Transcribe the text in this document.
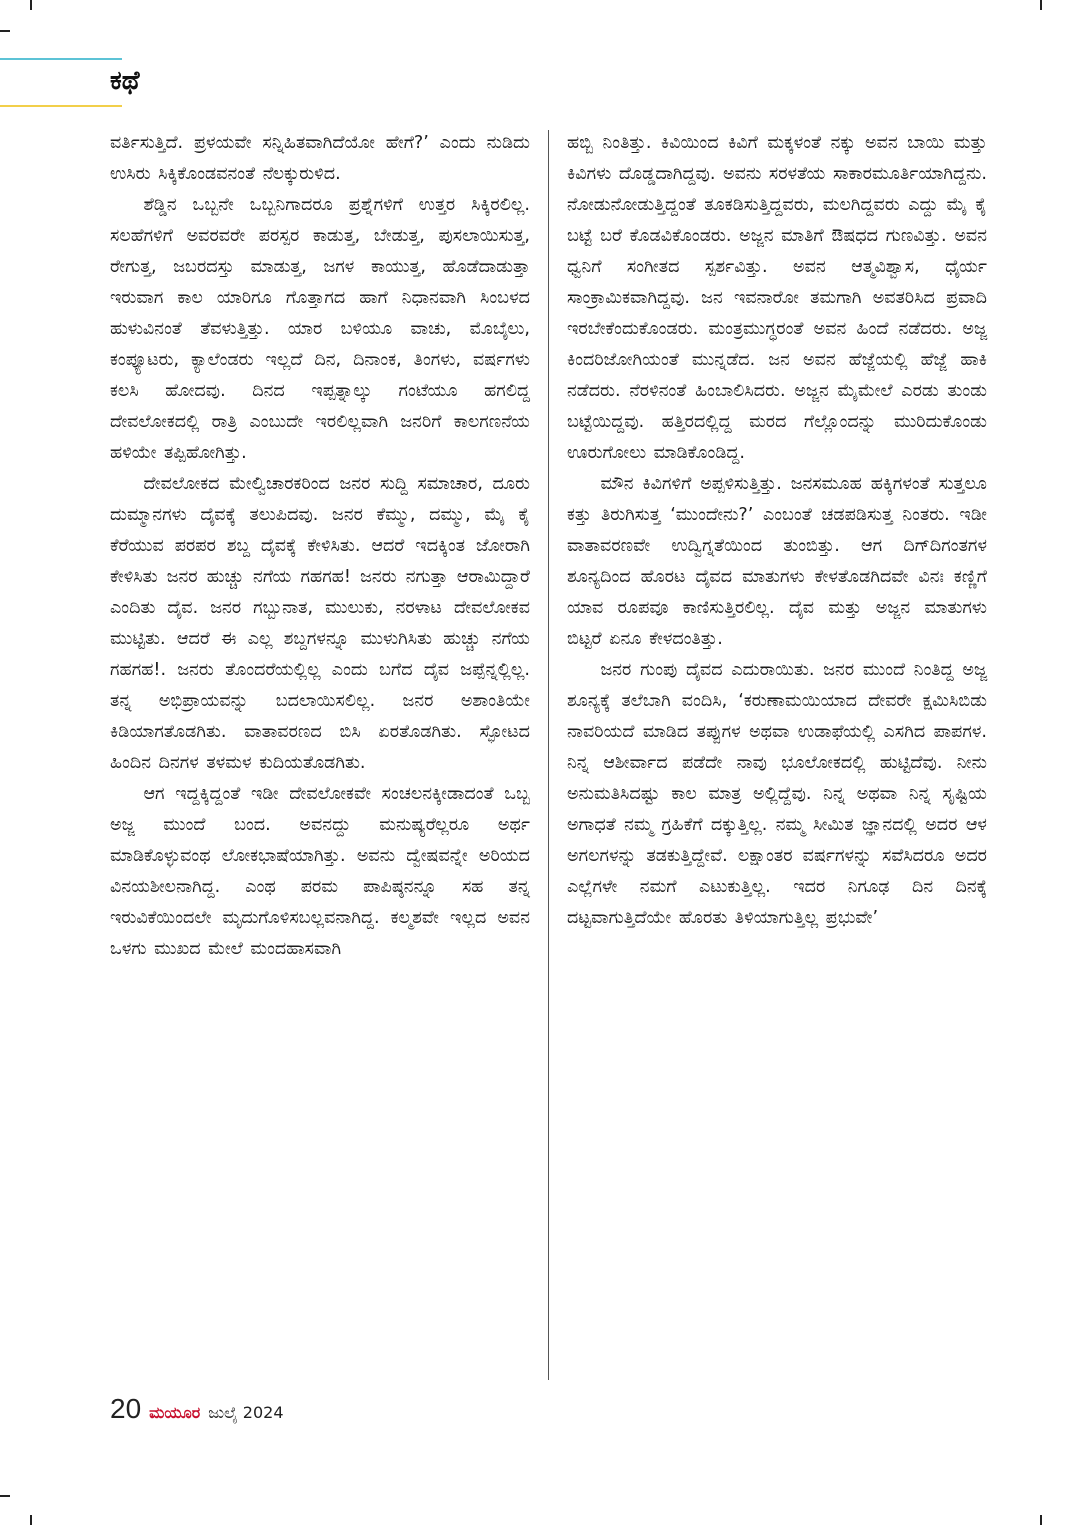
ಕಥೆ

ವರ್ತಿಸುತ್ತಿದೆ. ಪ್ರಳಯವೇ ಸನ್ನಿಹಿತವಾಗಿದೆಯೋ ಹೇಗೆ?’ ಎಂದು ನುಡಿದು ಉಸಿರು ಸಿಕ್ಕಿಕೊಂಡವನಂತೆ ನೆಲಕ್ಕುರುಳಿದ.

ಶೆಡ್ಡಿನ ಒಬ್ಬನೇ ಒಬ್ಬನಿಗಾದರೂ ಪ್ರಶ್ನೆಗಳಿಗೆ ಉತ್ತರ ಸಿಕ್ಕಿರಲಿಲ್ಲ. ಸಲಹೆಗಳಿಗೆ ಅವರವರೇ ಪರಸ್ಪರ ಕಾಡುತ್ತ, ಬೇಡುತ್ತ, ಪುಸಲಾಯಿಸುತ್ತ, ರೇಗುತ್ತ, ಜಬರದಸ್ತು ಮಾಡುತ್ತ, ಜಗಳ ಕಾಯುತ್ತ, ಹೊಡೆದಾಡುತ್ತಾ ಇರುವಾಗ ಕಾಲ ಯಾರಿಗೂ ಗೊತ್ತಾಗದ ಹಾಗೆ ನಿಧಾನವಾಗಿ ಸಿಂಬಳದ ಹುಳುವಿನಂತೆ ತೆವಳುತ್ತಿತ್ತು. ಯಾರ ಬಳಿಯೂ ವಾಚು, ಮೊಬೈಲು, ಕಂಪ್ಯೂಟರು, ಕ್ಯಾಲೆಂಡರು ಇಲ್ಲದೆ ದಿನ, ದಿನಾಂಕ, ತಿಂಗಳು, ವರ್ಷಗಳು ಕಲಸಿ ಹೋದವು. ದಿನದ ಇಪ್ಪತ್ನಾಲ್ಕು ಗಂಟೆಯೂ ಹಗಲಿದ್ದ ದೇವಲೋಕದಲ್ಲಿ ರಾತ್ರಿ ಎಂಬುದೇ ಇರಲಿಲ್ಲವಾಗಿ ಜನರಿಗೆ ಕಾಲಗಣನೆಯ ಹಳಿಯೇ ತಪ್ಪಿಹೋಗಿತ್ತು.

ದೇವಲೋಕದ ಮೇಲ್ವಿಚಾರಕರಿಂದ ಜನರ ಸುದ್ದಿ ಸಮಾಚಾರ, ದೂರು ದುಮ್ಮಾನಗಳು ದೈವಕ್ಕೆ ತಲುಪಿದವು. ಜನರ ಕೆಮ್ಮು, ದಮ್ಮು, ಮೈ ಕೈ ಕೆರೆಯುವ ಪರಪರ ಶಬ್ದ ದೈವಕ್ಕೆ ಕೇಳಿಸಿತು. ಆದರೆ ಇದಕ್ಕಿಂತ ಜೋರಾಗಿ ಕೇಳಿಸಿತು ಜನರ ಹುಚ್ಚು ನಗೆಯ ಗಹಗಹ! ಜನರು ನಗುತ್ತಾ ಆರಾಮಿದ್ದಾರೆ ಎಂದಿತು ದೈವ. ಜನರ ಗಬ್ಬುನಾತ, ಮುಲುಕು, ನರಳಾಟ ದೇವಲೋಕವ ಮುಟ್ಟಿತು. ಆದರೆ ಈ ಎಲ್ಲ ಶಬ್ದಗಳನ್ನೂ ಮುಳುಗಿಸಿತು ಹುಚ್ಚು ನಗೆಯ ಗಹಗಹ!. ಜನರು ತೊಂದರೆಯಲ್ಲಿಲ್ಲ ಎಂದು ಬಗೆದ ದೈವ ಜಪ್ಪೆನ್ನಲ್ಲಿಲ್ಲ. ತನ್ನ ಅಭಿಪ್ರಾಯವನ್ನು ಬದಲಾಯಿಸಲಿಲ್ಲ. ಜನರ ಅಶಾಂತಿಯೇ ಕಿಡಿಯಾಗತೊಡಗಿತು. ವಾತಾವರಣದ ಬಿಸಿ ಏರತೊಡಗಿತು. ಸ್ಫೋಟದ ಹಿಂದಿನ ದಿನಗಳ ತಳಮಳ ಕುದಿಯತೊಡಗಿತು.

ಆಗ ಇದ್ದಕ್ಕಿದ್ದಂತೆ ಇಡೀ ದೇವಲೋಕವೇ ಸಂಚಲನಕ್ಕೀಡಾದಂತೆ ಒಬ್ಬ ಅಜ್ಜ ಮುಂದೆ ಬಂದ. ಅವನದ್ದು ಮನುಷ್ಯರೆಲ್ಲರೂ ಅರ್ಥ ಮಾಡಿಕೊಳ್ಳುವಂಥ ಲೋಕಭಾಷೆಯಾಗಿತ್ತು. ಅವನು ದ್ವೇಷವನ್ನೇ ಅರಿಯದ ವಿನಯಶೀಲನಾಗಿದ್ದ. ಎಂಥ ಪರಮ ಪಾಪಿಷ್ಠನನ್ನೂ ಸಹ ತನ್ನ ಇರುವಿಕೆಯಿಂದಲೇ ಮೃದುಗೊಳಿಸಬಲ್ಲವನಾಗಿದ್ದ. ಕಲ್ಮಶವೇ ಇಲ್ಲದ ಅವನ ಒಳಗು ಮುಖದ ಮೇಲೆ ಮಂದಹಾಸವಾಗಿ

ಹಬ್ಬಿ ನಿಂತಿತ್ತು. ಕಿವಿಯಿಂದ ಕಿವಿಗೆ ಮಕ್ಕಳಂತೆ ನಕ್ಕು ಅವನ ಬಾಯಿ ಮತ್ತು ಕಿವಿಗಳು ದೊಡ್ಡದಾಗಿದ್ದವು. ಅವನು ಸರಳತೆಯ ಸಾಕಾರಮೂರ್ತಿಯಾಗಿದ್ದನು. ನೋಡುನೋಡುತ್ತಿದ್ದಂತೆ ತೂಕಡಿಸುತ್ತಿದ್ದವರು, ಮಲಗಿದ್ದವರು ಎದ್ದು ಮೈ ಕೈ ಬಟ್ಟೆ ಬರೆ ಕೊಡವಿಕೊಂಡರು. ಅಜ್ಜನ ಮಾತಿಗೆ ಔಷಧದ ಗುಣವಿತ್ತು. ಅವನ ಧ್ವನಿಗೆ ಸಂಗೀತದ ಸ್ಪರ್ಶವಿತ್ತು. ಅವನ ಆತ್ಮವಿಶ್ವಾಸ, ಧೈರ್ಯ ಸಾಂಕ್ರಾಮಿಕವಾಗಿದ್ದವು. ಜನ ಇವನಾರೋ ತಮಗಾಗಿ ಅವತರಿಸಿದ ಪ್ರವಾದಿ ಇರಬೇಕೆಂದುಕೊಂಡರು. ಮಂತ್ರಮುಗ್ಧರಂತೆ ಅವನ ಹಿಂದೆ ನಡೆದರು. ಅಜ್ಜ ಕಿಂದರಿಜೋಗಿಯಂತೆ ಮುನ್ನಡೆದ. ಜನ ಅವನ ಹೆಜ್ಜೆಯಲ್ಲಿ ಹೆಜ್ಜೆ ಹಾಕಿ ನಡೆದರು. ನೆರಳಿನಂತೆ ಹಿಂಬಾಲಿಸಿದರು. ಅಜ್ಜನ ಮೈಮೇಲೆ ಎರಡು ತುಂಡು ಬಟ್ಟೆಯಿದ್ದವು. ಹತ್ತಿರದಲ್ಲಿದ್ದ ಮರದ ಗೆಲ್ಲೊಂದನ್ನು ಮುರಿದುಕೊಂಡು ಊರುಗೋಲು ಮಾಡಿಕೊಂಡಿದ್ದ.

ಮೌನ ಕಿವಿಗಳಿಗೆ ಅಪ್ಪಳಿಸುತ್ತಿತ್ತು. ಜನಸಮೂಹ ಹಕ್ಕಿಗಳಂತೆ ಸುತ್ತಲೂ ಕತ್ತು ತಿರುಗಿಸುತ್ತ ‘ಮುಂದೇನು?’ ಎಂಬಂತೆ ಚಡಪಡಿಸುತ್ತ ನಿಂತರು. ಇಡೀ ವಾತಾವರಣವೇ ಉದ್ವಿಗ್ನತೆಯಿಂದ ತುಂಬಿತ್ತು. ಆಗ ದಿಗ್‌ದಿಗಂತಗಳ ಶೂನ್ಯದಿಂದ ಹೊರಟ ದೈವದ ಮಾತುಗಳು ಕೇಳತೊಡಗಿದವೇ ವಿನಃ ಕಣ್ಣಿಗೆ ಯಾವ ರೂಪವೂ ಕಾಣಿಸುತ್ತಿರಲಿಲ್ಲ. ದೈವ ಮತ್ತು ಅಜ್ಜನ ಮಾತುಗಳು ಬಿಟ್ಟರೆ ಏನೂ ಕೇಳದಂತಿತ್ತು.

ಜನರ ಗುಂಪು ದೈವದ ಎದುರಾಯಿತು. ಜನರ ಮುಂದೆ ನಿಂತಿದ್ದ ಅಜ್ಜ ಶೂನ್ಯಕ್ಕೆ ತಲೆಬಾಗಿ ವಂದಿಸಿ, ‘ಕರುಣಾಮಯಿಯಾದ ದೇವರೇ ಕ್ಷಮಿಸಿಬಿಡು ನಾವರಿಯದೆ ಮಾಡಿದ ತಪ್ಪುಗಳ ಅಥವಾ ಉಡಾಫೆಯಲ್ಲಿ ಎಸಗಿದ ಪಾಪಗಳ. ನಿನ್ನ ಆಶೀರ್ವಾದ ಪಡೆದೇ ನಾವು ಭೂಲೋಕದಲ್ಲಿ ಹುಟ್ಟಿದೆವು. ನೀನು ಅನುಮತಿಸಿದಷ್ಟು ಕಾಲ ಮಾತ್ರ ಅಲ್ಲಿದ್ದೆವು. ನಿನ್ನ ಅಥವಾ ನಿನ್ನ ಸೃಷ್ಟಿಯ ಅಗಾಧತೆ ನಮ್ಮ ಗ್ರಹಿಕೆಗೆ ದಕ್ಕುತ್ತಿಲ್ಲ. ನಮ್ಮ ಸೀಮಿತ ಜ್ಞಾನದಲ್ಲಿ ಅದರ ಆಳ ಅಗಲಗಳನ್ನು ತಡಕುತ್ತಿದ್ದೇವೆ. ಲಕ್ಷಾಂತರ ವರ್ಷಗಳನ್ನು ಸವೆಸಿದರೂ ಅದರ ಎಲ್ಲೆಗಳೇ ನಮಗೆ ಎಟುಕುತ್ತಿಲ್ಲ. ಇದರ ನಿಗೂಢ ದಿನ ದಿನಕ್ಕೆ ದಟ್ಟವಾಗುತ್ತಿದೆಯೇ ಹೊರತು ತಿಳಿಯಾಗುತ್ತಿಲ್ಲ ಪ್ರಭುವೇ’

20 ಮಯೂರ ಜುಲೈ 2024
